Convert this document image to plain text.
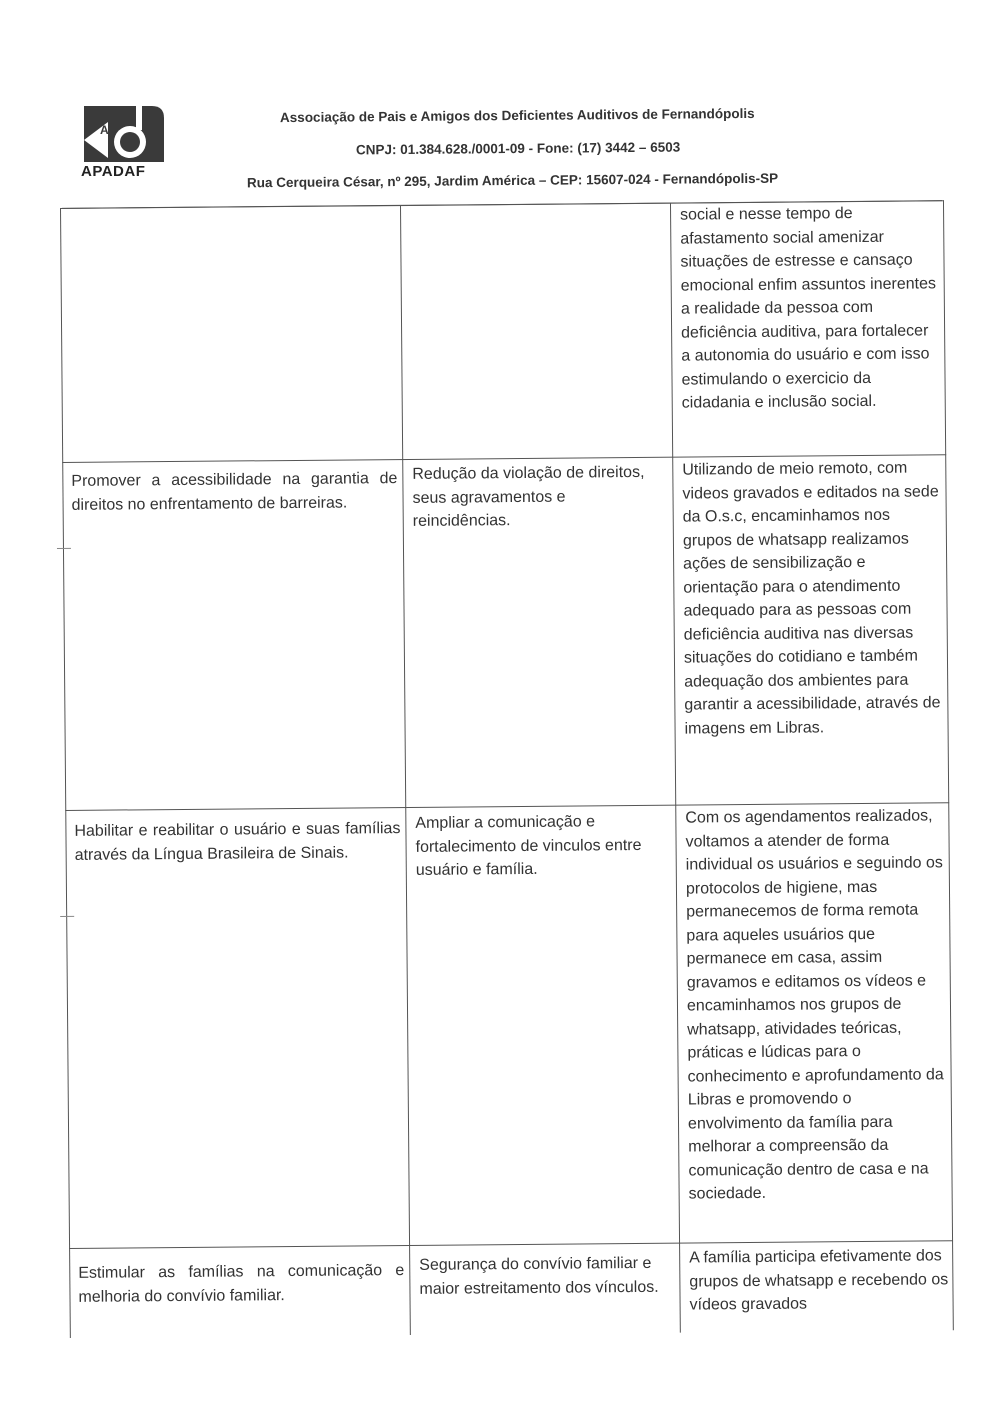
A
APADAF
Associação de Pais e Amigos dos Deficientes Auditivos de Fernandópolis
CNPJ: 01.384.628./0001-09 - Fone: (17) 3442 – 6503
Rua Cerqueira César, nº 295, Jardim América – CEP: 15607-024 - Fernandópolis-SP
social e nesse tempo de afastamento social amenizar situações de estresse e cansaço emocional enfim assuntos inerentes a realidade da pessoa com deficiência auditiva, para fortalecer a autonomia do usuário e com isso estimulando o exercicio da cidadania e inclusão social.
Promover a acessibilidade na garantia de direitos no enfrentamento de barreiras.
Redução da violação de direitos, seus agravamentos e reincidências.
Utilizando de meio remoto, com videos gravados e editados na sede da O.s.c, encaminhamos nos grupos de whatsapp realizamos ações de sensibilização e orientação para o atendimento adequado para as pessoas com deficiência auditiva nas diversas situações do cotidiano e também adequação dos ambientes para garantir a acessibilidade, através de imagens em Libras.
Habilitar e reabilitar o usuário e suas famílias através da Língua Brasileira de Sinais.
Ampliar a comunicação e fortalecimento de vinculos entre usuário e família.
Com os agendamentos realizados, voltamos a atender de forma individual os usuários e seguindo os protocolos de higiene, mas permanecemos de forma remota para aqueles usuários que permanece em casa, assim gravamos e editamos os vídeos e encaminhamos nos grupos de whatsapp, atividades teóricas, práticas e lúdicas para o conhecimento e aprofundamento da Libras e promovendo o envolvimento da família para melhorar a compreensão da comunicação dentro de casa e na sociedade.
Estimular as famílias na comunicação e melhoria do convívio familiar.
Segurança do convívio familiar e maior estreitamento dos vínculos.
A família participa efetivamente dos grupos de whatsapp e recebendo os vídeos gravados
